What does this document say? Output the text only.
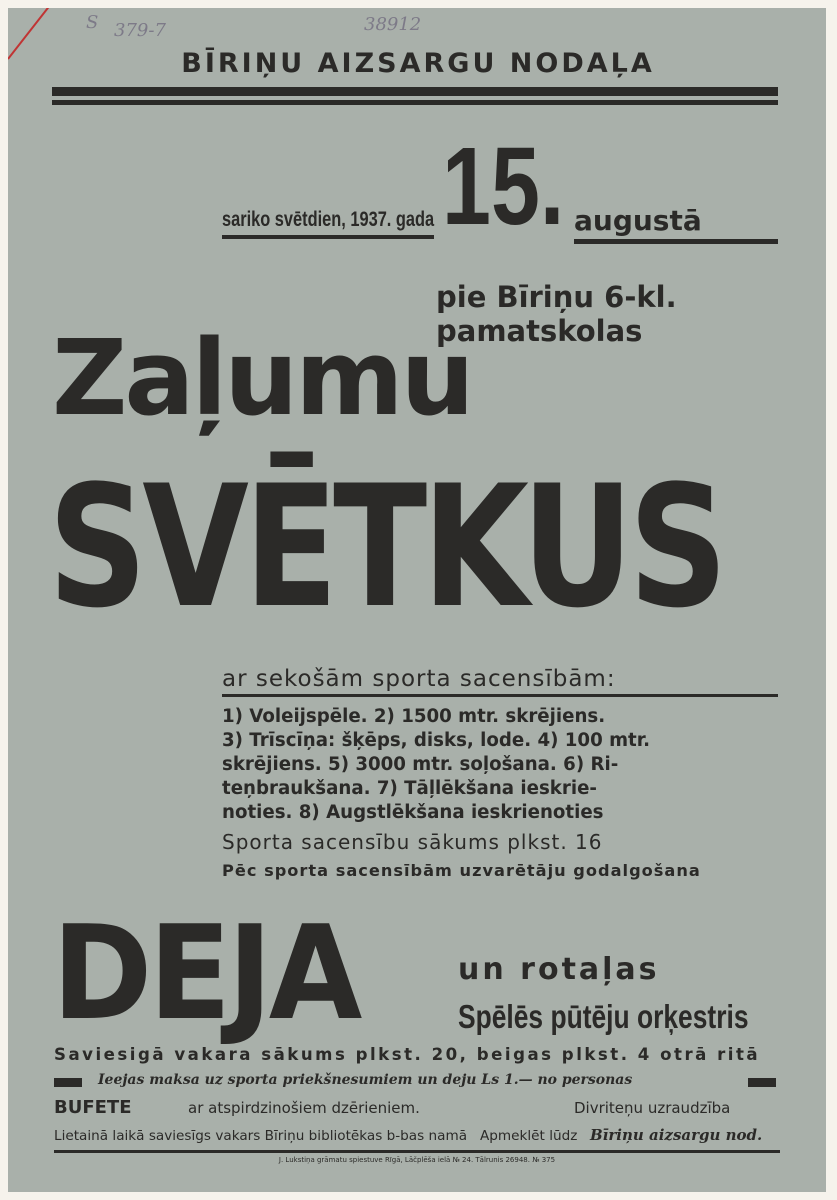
S 379-7	38912
BĪRIŅU AIZSARGU NODAĻA
sariko svētdien, 1937. gada 15. augustā
pie Bīriņu 6-kl.
pamatskolas
Zaļumu
SVĒTKUS
ar sekošām sporta sacensībām:
1) Voleijspēle. 2) 1500 mtr. skrējiens.
3) Trīscīņa: šķēps, disks, lode. 4) 100 mtr.
skrējiens. 5) 3000 mtr. soļošana. 6) Ri-
teņbraukšana. 7) Tāļlēkšana ieskrie-
noties. 8) Augstlēkšana ieskrienoties
Sporta sacensību sākums plkst. 16
Pēc sporta sacensībām uzvarētāju godalgošana
DEJA	un rotaļas
Spēlēs pūtēju orķestris
Saviesigā vakara sākums plkst. 20, beigas plkst. 4 otrā ritā
Ieejas maksa uz sporta priekšnesumiem un deju Ls 1.— no personas
BUFETE	ar atspirdzinošiem dzērieniem.	Divriteņu uzraudzība
Lietainā laikā saviesīgs vakars Bīriņu bibliotēkas b-bas namā Apmeklēt lūdz Bīriņu aizsargu nod.
J. Lukstiņa grāmatu spiestuve Rīgā, Lāčplēša ielā № 24. Tālrunis 26948. № 375
